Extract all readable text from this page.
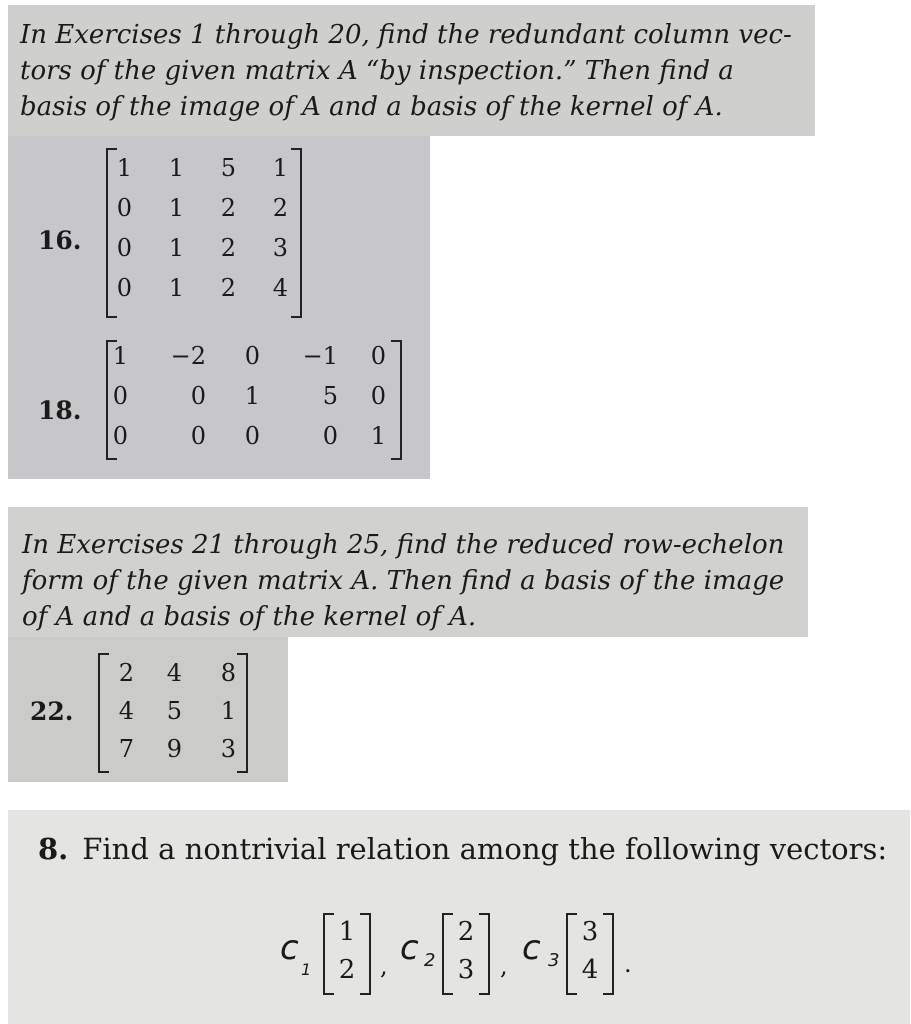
In Exercises 1 through 20, find the redundant column vec-
tors of the given matrix A “by inspection.” Then find a
basis of the image of A and a basis of the kernel of A.

16.
1	1	5	1
0	1	2	2
0	1	2	3
0	1	2	4
18.
1	−2	0	−1	0
0	0	1	5	0
0	0	0	0	1

In Exercises 21 through 25, find the reduced row-echelon
form of the given matrix A. Then find a basis of the image
of A and a basis of the kernel of A.

22.
2	4	8
4	5	1
7	9	3
8. Find a nontrivial relation among the following vectors:
c
1
1
2	, c 2
2
3	, c 3
3
4	.
